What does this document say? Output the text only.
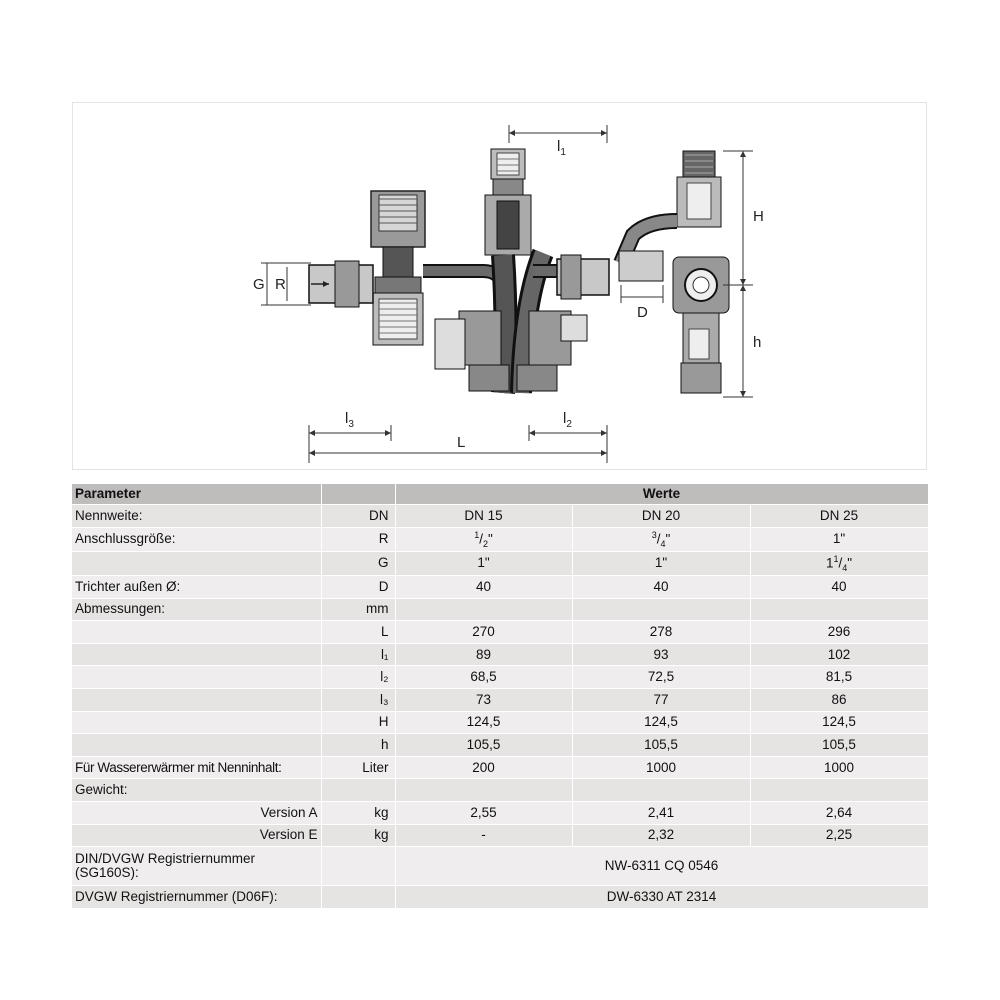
$l_1$
G R
H
h
D
$l_3$
L
$l_2$
Parameter		Werte		
Nennweite:	DN	DN 15	DN 20	DN 25
Anschlussgröße:	R	$^1/_2$"	$^3/_4$"	1"
	G	1"	1"	$1^1/_4$"
Trichter außen Ø:	D	40	40	40
Abmessungen:	mm			
	L	270	278	296
	l₁	89	93	102
	l₂	68,5	72,5	81,5
	l₃	73	77	86
	H	124,5	124,5	124,5
	h	105,5	105,5	105,5
Für Wassererwärmer mit Nenninhalt:	Liter	200	1000	1000
Gewicht:				
Version A	kg	2,55	2,41	2,64
Version E	kg	-	2,32	2,25

DIN/DVGW Registriernummer
(SG160S):		NW-6311 CQ 0546		
DVGW Registriernummer (D06F):		DW-6330 AT 2314		
